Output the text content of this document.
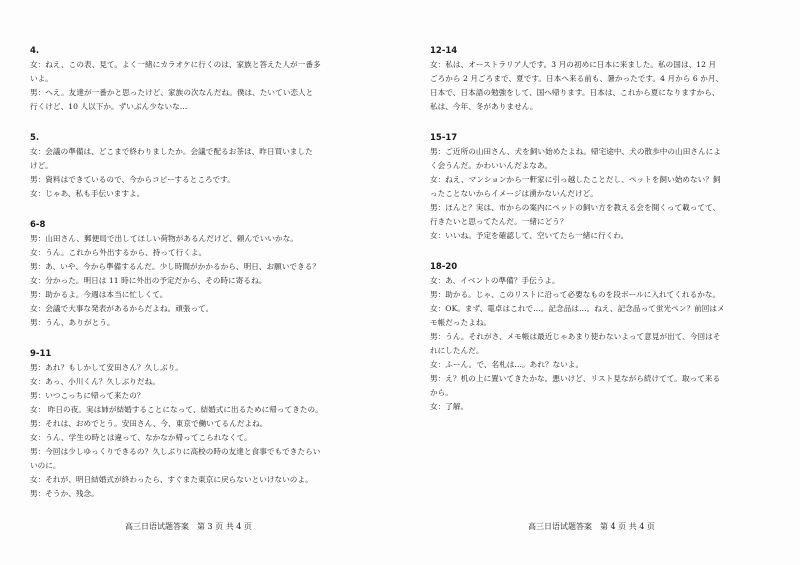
4.
女：ねえ、この表、見て。よく一緒にカラオケに行くのは、家族と答えた人が一番多
いよ。
男：へえ。友達が一番かと思ったけど、家族の次なんだね。僕は、たいてい恋人と
行くけど、10 人以下か。ずいぶん少ないな…
5.
女：会議の準備は、どこまで終わりましたか。会議で配るお茶は、昨日買いました
けど。
男：資料はできているので、今からコピーするところです。
女：じゃあ、私も手伝いますよ。
6-8
男：山田さん、郵便局で出してほしい荷物があるんだけど、頼んでいいかな。
女：うん。これから外出するから、持って行くよ。
男：あ、いや、今から準備するんだ。少し時間がかかるから、明日、お願いできる？
女：分かった。明日は 11 時に外出の予定だから、その時に寄るね。
男：助かるよ。今週は本当に忙しくて。
女：会議で大事な発表があるからだよね。頑張って。
男：うん、ありがとう。
9-11
男：あれ？もしかして安田さん？久しぶり。
女：あっ、小川くん？久しぶりだね。
男：いつこっちに帰って来たの？
女： 昨日の夜。実は姉が結婚することになって、結婚式に出るために帰ってきたの。
男：それは、おめでとう。安田さん、今、東京で働いてるんだよね。
女：うん、学生の時とは違って、なかなか帰ってこられなくて。
男：今回は少しゆっくりできるの？久しぶりに高校の時の友達と食事でもできたらい
いのに。
女：それが、明日結婚式が終わったら、すぐまた東京に戻らないといけないのよ。
男：そうか、残念。
12-14
女：私は、オーストラリア人です。3 月の初めに日本に来ました。私の国は、12 月
ごろから 2 月ごろまで、夏です。日本へ来る前も、暑かったです。4 月から 6 か月、
日本で、日本語の勉強をして、国へ帰ります。日本は、これから夏になりますから、
私は、今年、冬がありません。
15-17
男：ご近所の山田さん、犬を飼い始めたよね。帰宅途中、犬の散歩中の山田さんによ
く会うんだ。かわいいんだよなあ。
女：ねえ、マンションから一軒家に引っ越したことだし、ペットを飼い始めない？飼
ったことないからイメージは湧かないんだけど。
男：ほんと？実は、市からの案内にペットの飼い方を教える会を開くって載ってて、
行きたいと思ってたんだ。一緒にどう？
女：いいね。予定を確認して、空いてたら一緒に行くわ。
18-20
女：あ、イベントの準備？手伝うよ。
男：助かる。じゃ、このリストに沿って必要なものを段ボールに入れてくれるかな。
女：OK。まず、電卓はこれで…。記念品は…。ねえ、記念品って蛍光ペン？前回はメ
モ帳だったよね。
男：うん。それがさ、メモ帳は最近じゃあまり使わないよって意見が出て、今回はそ
れにしたんだ。
女：ふーん。で、名札は…。あれ？ないよ。
男：え？机の上に置いてきたかな。悪いけど、リスト見ながら続けてて。取って来る
から。
女：了解。
高三日语试题答案　第 3 页 共 4 页	高三日语试题答案　第 4 页 共 4 页
